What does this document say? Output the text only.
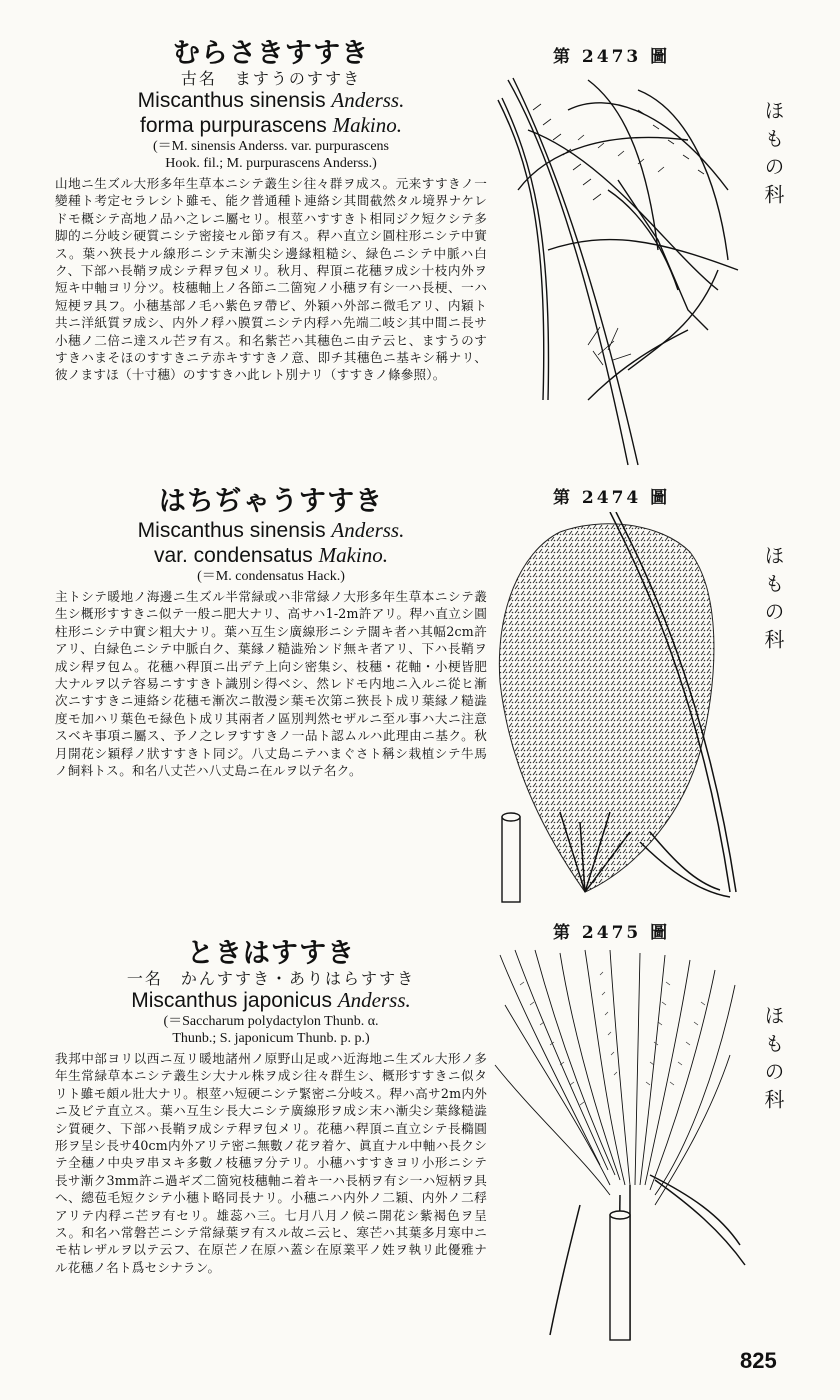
むらさきすすき
古名　ますうのすすき
Miscanthus sinensis Anderss.
forma purpurascens Makino.
(＝M. sinensis Anderss. var. purpurascens
Hook. fil.; M. purpurascens Anderss.)
山地ニ生ズル大形多年生草本ニシテ叢生シ往々群ヲ成ス。元来すすきノ一變種ト考定セラレシト雖モ、能ク普通種ト連絡シ其間截然タル境界ナケレドモ概シテ高地ノ品ハ之レニ屬セリ。根莖ハすすきト相同ジク短クシテ多脚的ニ分岐シ硬質ニシテ密接セル節ヲ有ス。稈ハ直立シ圓柱形ニシテ中實ス。葉ハ狹長ナル線形ニシテ末漸尖シ邊縁粗糙シ、緑色ニシテ中脈ハ白ク、下部ハ長鞘ヲ成シテ稈ヲ包メリ。秋月、稈頂ニ花穗ヲ成シ十枝内外ヲ短キ中軸ヨリ分ツ。枝穗軸上ノ各節ニ二箇宛ノ小穗ヲ有シ一ハ長梗、一ハ短梗ヲ具フ。小穗基部ノ毛ハ紫色ヲ帶ビ、外穎ハ外部ニ微毛アリ、内穎ト共ニ洋紙質ヲ成シ、内外ノ稃ハ膜質ニシテ内稃ハ先端二岐シ其中間ニ長サ小穗ノ二倍ニ達スル芒ヲ有ス。和名紫芒ハ其穗色ニ由テ云ヒ、ますうのすすきハまそほのすすきニテ赤キすすきノ意、即チ其穗色ニ基キシ稱ナリ、彼ノますほ（十寸穗）のすすきハ此レト別ナリ（すすきノ條參照）。
はちぢゃうすすき
Miscanthus sinensis Anderss.
var. condensatus Makino.
(＝M. condensatus Hack.)
主トシテ暖地ノ海邊ニ生ズル半常緑或ハ非常緑ノ大形多年生草本ニシテ叢生シ概形すすきニ似テ一般ニ肥大ナリ、高サハ1-2m許アリ。稈ハ直立シ圓柱形ニシテ中實シ粗大ナリ。葉ハ互生シ廣線形ニシテ闊キ者ハ其幅2cm許アリ、白緑色ニシテ中脈白ク、葉縁ノ糙澁殆ンド無キ者アリ、下ハ長鞘ヲ成シ稈ヲ包ム。花穗ハ稈頂ニ出デテ上向シ密集シ、枝穗・花軸・小梗皆肥大ナルヲ以テ容易ニすすきト識別シ得ベシ、然レドモ内地ニ入ルニ從ヒ漸次ニすすきニ連絡シ花穗モ漸次ニ散漫シ葉モ次第ニ狹長ト成リ葉縁ノ糙澁度モ加ハリ葉色モ緑色ト成リ其兩者ノ區別判然セザルニ至ル事ハ大ニ注意スベキ事項ニ屬ス、予ノ之レヲすすきノ一品ト認ムルハ此理由ニ基ク。秋月開花シ穎稃ノ狀すすきト同ジ。八丈島ニテハまぐさト稱シ栽植シテ牛馬ノ飼料トス。和名八丈芒ハ八丈島ニ在ルヲ以テ名ク。
ときはすすき
一名　かんすすき・ありはらすすき
Miscanthus japonicus Anderss.
(＝Saccharum polydactylon Thunb. α.
Thunb.; S. japonicum Thunb. p. p.)
我邦中部ヨリ以西ニ亙リ暖地諸州ノ原野山足或ハ近海地ニ生ズル大形ノ多年生常緑草本ニシテ叢生シ大ナル株ヲ成シ往々群生シ、概形すすきニ似タリト雖モ頗ル壯大ナリ。根莖ハ短硬ニシテ緊密ニ分岐ス。稈ハ高サ2m内外ニ及ビテ直立ス。葉ハ互生シ長大ニシテ廣線形ヲ成シ末ハ漸尖シ葉緣糙澁シ質硬ク、下部ハ長鞘ヲ成シテ稈ヲ包メリ。花穗ハ稈頂ニ直立シテ長橢圓形ヲ呈シ長サ40cm内外アリテ密ニ無數ノ花ヲ着ケ、眞直ナル中軸ハ長クシテ全穗ノ中央ヲ串ヌキ多數ノ枝穗ヲ分テリ。小穗ハすすきヨリ小形ニシテ長サ漸ク3mm許ニ過ギズ二箇宛枝穗軸ニ着キ一ハ長柄ヲ有シ一ハ短柄ヲ具ヘ、總苞毛短クシテ小穗ト略同長ナリ。小穗ニハ内外ノ二穎、内外ノ二稃アリテ内稃ニ芒ヲ有セリ。雄蕊ハ三。七月八月ノ候ニ開花シ紫褐色ヲ呈ス。和名ハ常磐芒ニシテ常緑葉ヲ有スル故ニ云ヒ、寒芒ハ其葉多月寒中ニモ枯レザルヲ以テ云フ、在原芒ノ在原ハ蓋シ在原業平ノ姓ヲ執リ此優雅ナル花穗ノ名ト爲セシナラン。
第 2473 圖
第 2474 圖
第 2475 圖
ほもの科
ほもの科
ほもの科
825
